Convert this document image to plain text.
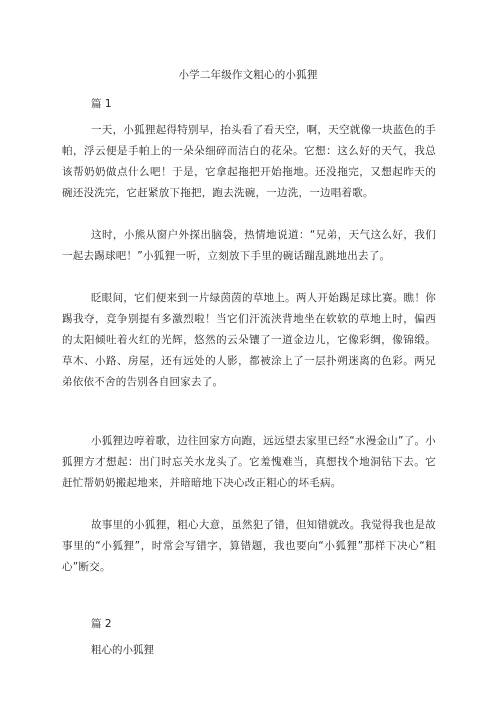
小学二年级作文粗心的小狐狸
篇 1

一天，小狐狸起得特别早，抬头看了看天空，啊，天空就像一块蓝色的手帕，浮云便是手帕上的一朵朵细碎而洁白的花朵。它想：这么好的天气，我总该帮奶奶做点什么吧！于是，它拿起拖把开始拖地。还没拖完，又想起昨天的碗还没洗完，它赶紧放下拖把，跑去洗碗，一边洗，一边唱着歌。

这时，小熊从窗户外探出脑袋，热情地说道：“兄弟，天气这么好，我们一起去踢球吧！”小狐狸一听，立刻放下手里的碗话蹦乱跳地出去了。

眨眼间，它们便来到一片绿茵茵的草地上。两人开始踢足球比赛。瞧！你踢我夺，竞争别提有多激烈啦！当它们汗流浃背地坐在软软的草地上时，偏西的太阳倾吐着火红的光辉，悠然的云朵镶了一道金边儿，它像彩绸，像锦缎。草木、小路、房屋，还有远处的人影，都被涂上了一层扑朔迷离的色彩。两兄弟依依不舍的告别各自回家去了。

小狐狸边哼着歌，边往回家方向跑，远远望去家里已经“水漫金山”了。小狐狸方才想起：出门时忘关水龙头了。它羞愧难当，真想找个地洞钻下去。它赶忙帮奶奶搬起地来，并暗暗地下决心改正粗心的坏毛病。

故事里的小狐狸，粗心大意，虽然犯了错，但知错就改。我觉得我也是故事里的“小狐狸”，时常会写错字，算错题，我也要向“小狐狸”那样下决心“粗心”断交。

篇 2
粗心的小狐狸
